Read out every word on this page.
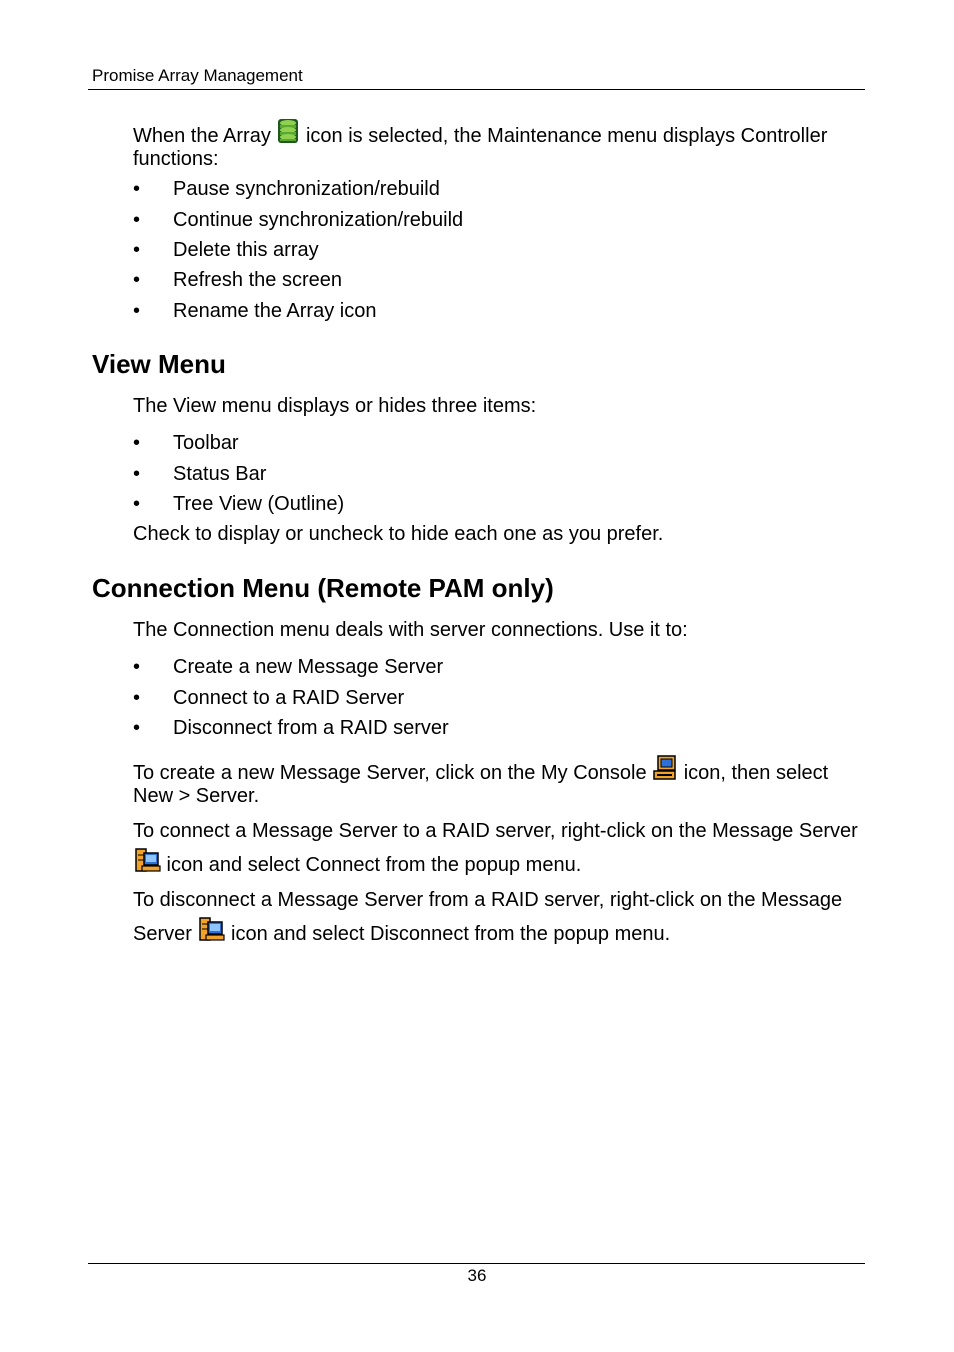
Promise Array Management

When the Array
icon is selected, the Maintenance menu displays Controller functions:

• Pause synchronization/rebuild
• Continue synchronization/rebuild
• Delete this array
• Refresh the screen
• Rename the Array icon
View Menu

The View menu displays or hides three items:

• Toolbar
• Status Bar
• Tree View (Outline)

Check to display or uncheck to hide each one as you prefer.

Connection Menu (Remote PAM only)

The Connection menu deals with server connections. Use it to:

• Create a new Message Server
• Connect to a RAID Server
• Disconnect from a RAID server

To create a new Message Server, click on the My Console
icon, then select New > Server.

To connect a Message Server to a RAID server, right-click on the Message Server
icon and select Connect from the popup menu.

To disconnect a Message Server from a RAID server, right-click on the Message Server
icon and select Disconnect from the popup menu.

36
